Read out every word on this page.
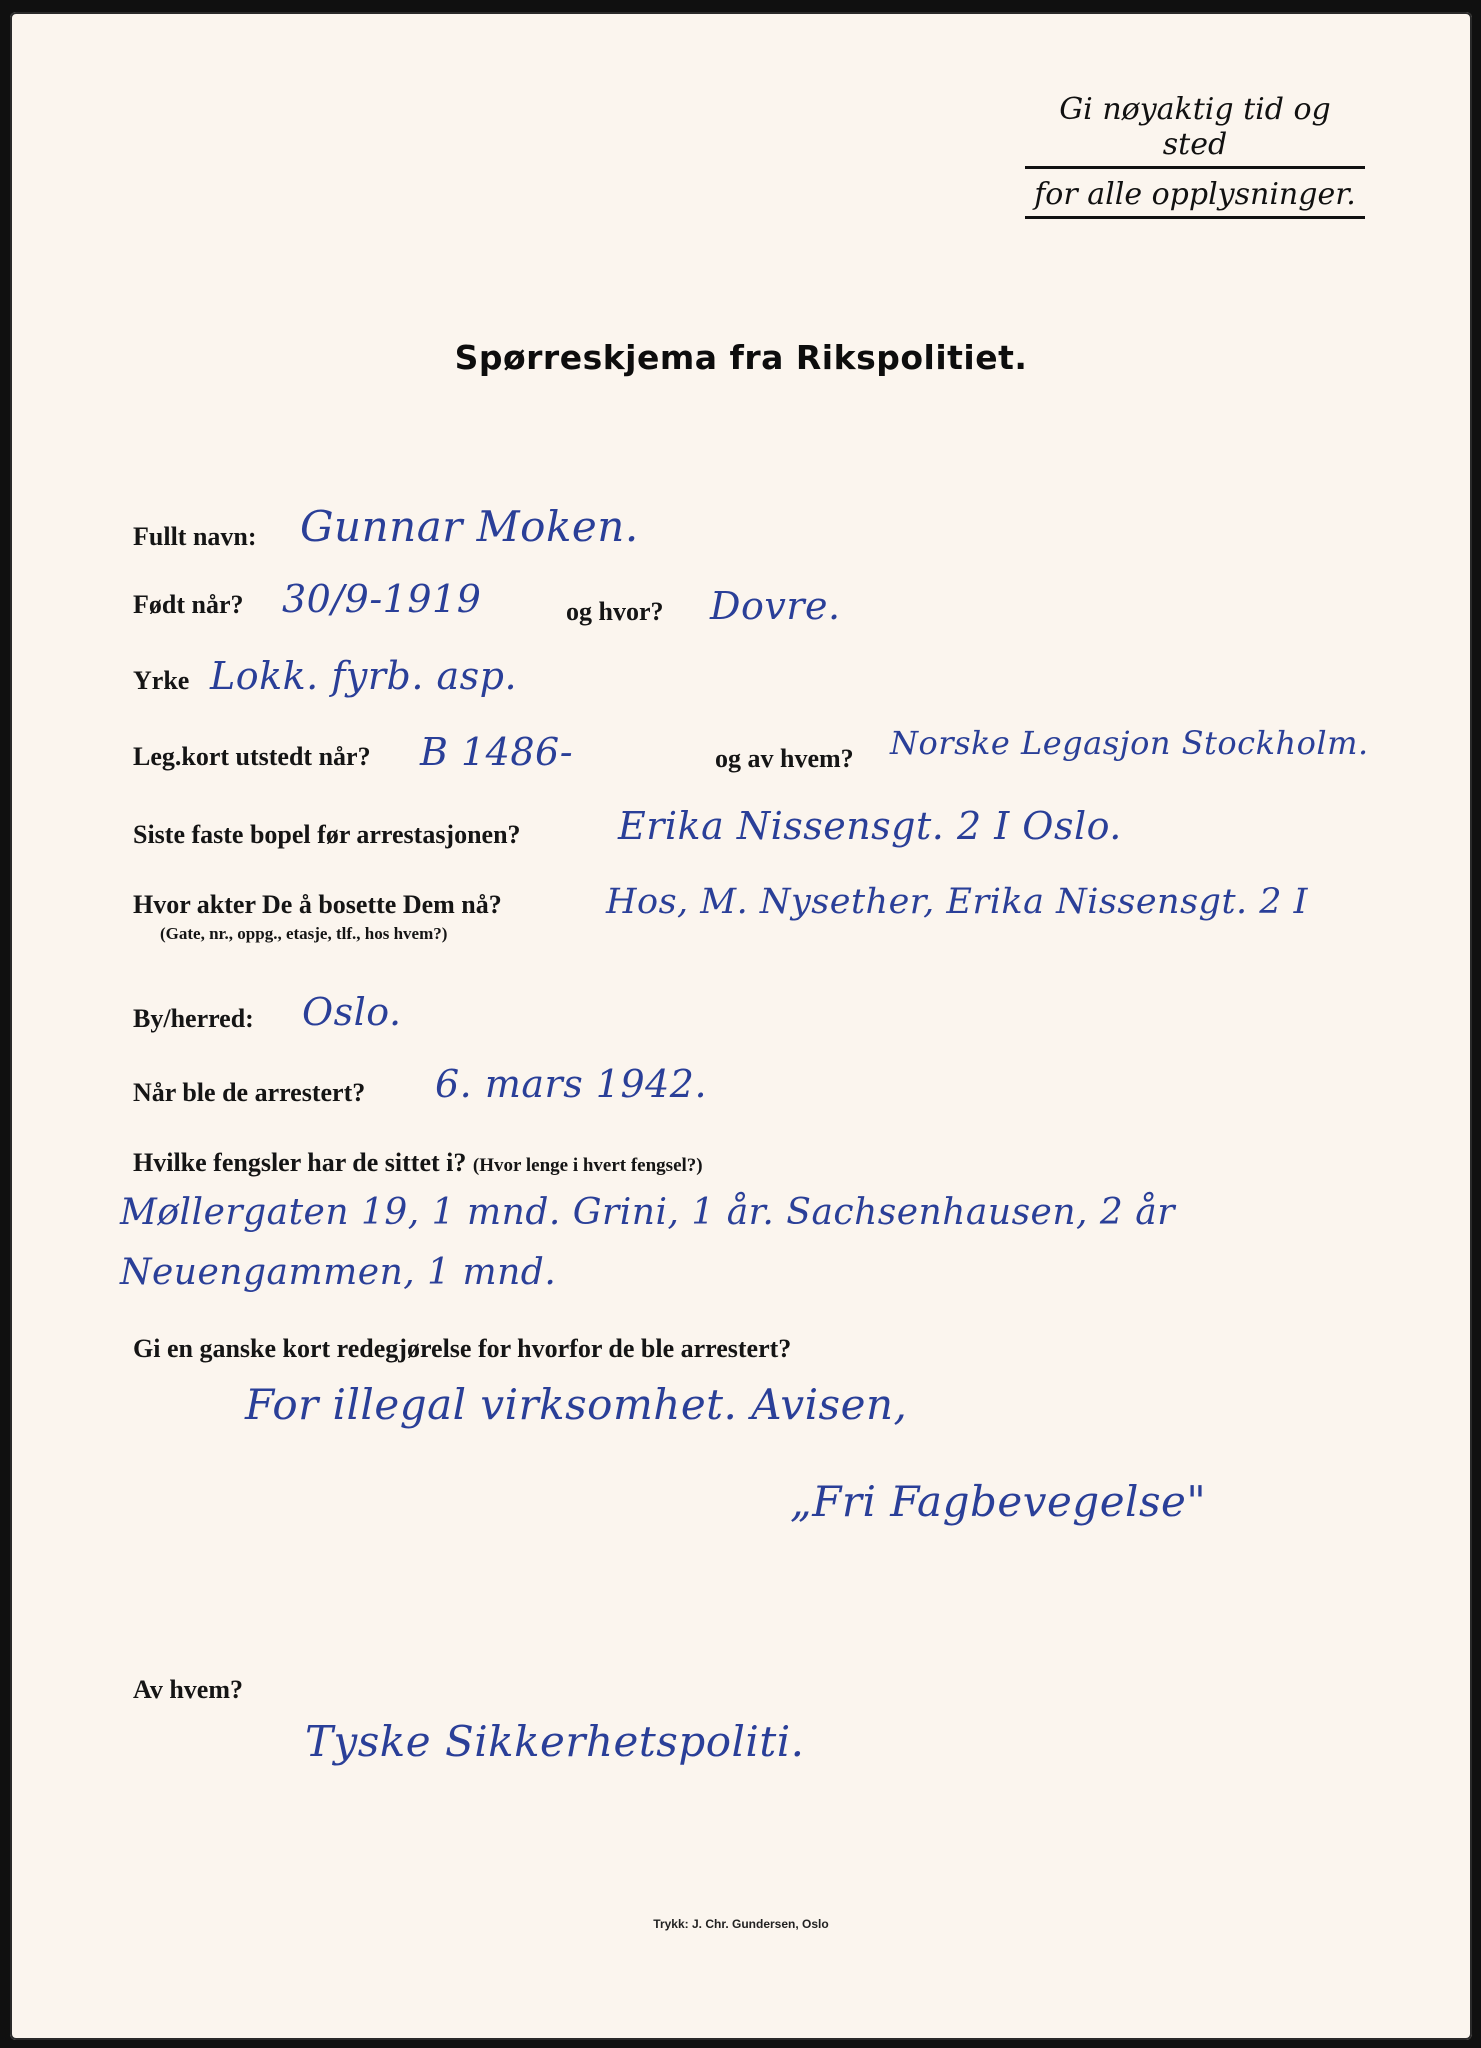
Gi nøyaktig tid og sted
for alle opplysninger.
Spørreskjema fra Rikspolitiet.
Fullt navn: Gunnar Moken.
Født når? 30/9-1919	og hvor? Dovre.
Yrke Lokk. fyrb. asp.
Leg.kort utstedt når? B 1486-	og av hvem? Norske Legasjon Stockholm.
Siste faste bopel før arrestasjonen?	Erika Nissensgt. 2 I Oslo.
Hvor akter De å bosette Dem nå?
(Gate, nr., oppg., etasje, tlf., hos hvem?)
Hos, M. Nysether, Erika Nissensgt. 2 I
By/herred: Oslo.
Når ble de arrestert? 6. mars 1942.
Hvilke fengsler har de sittet i? (Hvor lenge i hvert fengsel?)
Møllergaten 19, 1 mnd. Grini, 1 år. Sachsenhausen, 2 år
Neuengammen, 1 mnd.
Gi en ganske kort redegjørelse for hvorfor de ble arrestert?
For illegal virksomhet. Avisen,
„Fri Fagbevegelse"
Av hvem?
Tyske Sikkerhetspoliti.
Trykk: J. Chr. Gundersen, Oslo
